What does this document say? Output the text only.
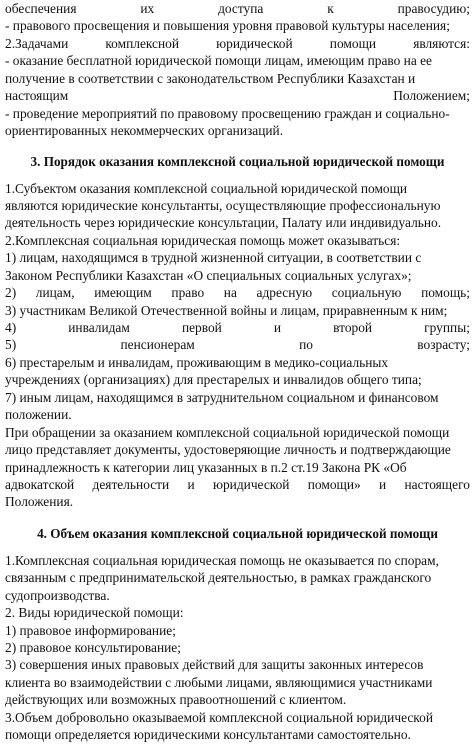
обеспечения	их	доступа	к	правосудию;
- правового просвещения и повышения уровня правовой культуры населения;
2.Задачами	комплексной	юридической	помощи	являются:
- оказание бесплатной юридической помощи лицам, имеющим право на ее
получение в соответствии с законодательством Республики Казахстан и
настоящим	Положением;
- проведение мероприятий по правовому просвещению граждан и социально-
ориентированных некоммерческих организаций.
3. Порядок оказания комплексной социальной юридической помощи
1.Субъектом оказания комплексной социальной юридической помощи
являются юридические консультанты, осуществляющие профессиональную
деятельность через юридические консультации, Палату или индивидуально.
2.Комплексная социальная юридическая помощь может оказываться:
1) лицам, находящимся в трудной жизненной ситуации, в соответствии с
Законом Республики Казахстан «О специальных социальных услугах»;
2) лицам, имеющим право на адресную социальную помощь;
3) участникам Великой Отечественной войны и лицам, приравненным к ним;
4)	инвалидам	первой	и	второй	группы;
5)	пенсионерам	по	возрасту;
6) престарелым и инвалидам, проживающим в медико-социальных
учреждениях (организациях) для престарелых и инвалидов общего типа;
7) иным лицам, находящимся в затруднительном социальном и финансовом
положении.
При обращении за оказанием комплексной социальной юридической помощи
лицо представляет документы, удостоверяющие личность и подтверждающие
принадлежность к категории лиц указанных в п.2 ст.19 Закона РК «Об
адвокатской деятельности и юридической помощи» и настоящего
Положения.
4. Объем оказания комплексной социальной юридической помощи
1.Комплексная социальная юридическая помощь не оказывается по спорам,
связанным с предпринимательской деятельностью, в рамках гражданского
судопроизводства.
2. Виды юридической помощи:
1) правовое информирование;
2) правовое консультирование;
3) совершения иных правовых действий для защиты законных интересов
клиента во взаимодействии с любыми лицами, являющимися участниками
действующих или возможных правоотношений с клиентом.
3.Объем добровольно оказываемой комплексной социальной юридической
помощи определяется юридическими консультантами самостоятельно.
